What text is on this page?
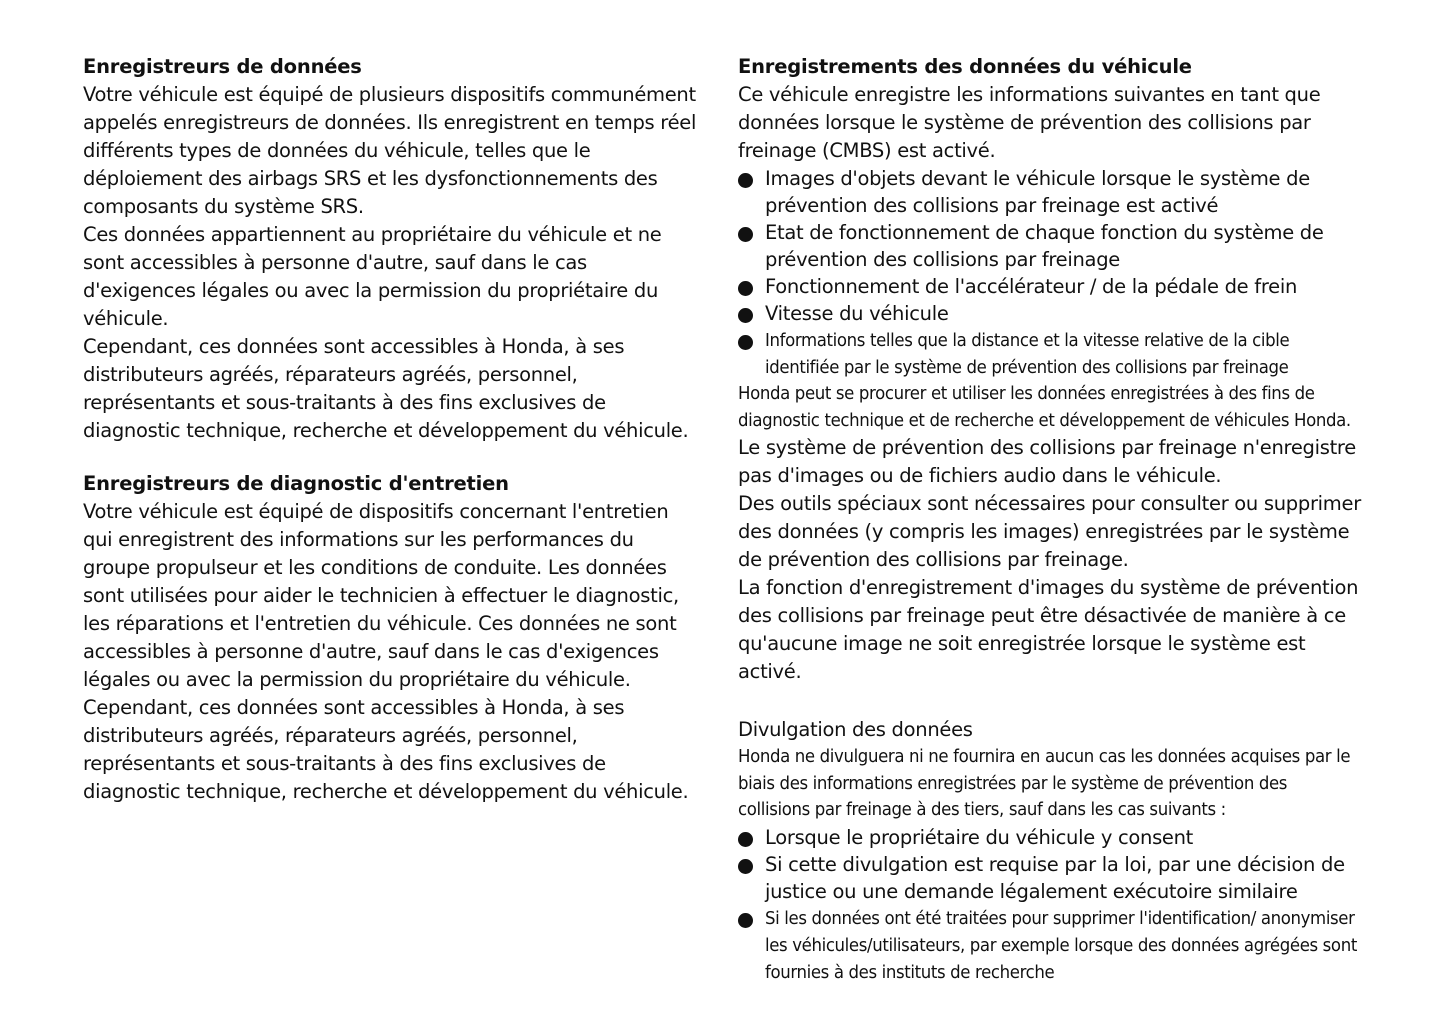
Enregistreurs de données

Votre véhicule est équipé de plusieurs dispositifs communément appelés enregistreurs de données. Ils enregistrent en temps réel différents types de données du véhicule, telles que le déploiement des airbags SRS et les dysfonctionnements des composants du système SRS.

Ces données appartiennent au propriétaire du véhicule et ne sont accessibles à personne d'autre, sauf dans le cas d'exigences légales ou avec la permission du propriétaire du véhicule.

Cependant, ces données sont accessibles à Honda, à ses distributeurs agréés, réparateurs agréés, personnel, représentants et sous-traitants à des fins exclusives de diagnostic technique, recherche et développement du véhicule.

Enregistreurs de diagnostic d'entretien

Votre véhicule est équipé de dispositifs concernant l'entretien qui enregistrent des informations sur les performances du groupe propulseur et les conditions de conduite. Les données sont utilisées pour aider le technicien à effectuer le diagnostic, les réparations et l'entretien du véhicule. Ces données ne sont accessibles à personne d'autre, sauf dans le cas d'exigences légales ou avec la permission du propriétaire du véhicule.

Cependant, ces données sont accessibles à Honda, à ses distributeurs agréés, réparateurs agréés, personnel, représentants et sous-traitants à des fins exclusives de diagnostic technique, recherche et développement du véhicule.

Enregistrements des données du véhicule

Ce véhicule enregistre les informations suivantes en tant que données lorsque le système de prévention des collisions par freinage (CMBS) est activé.

Images d'objets devant le véhicule lorsque le système de prévention des collisions par freinage est activé
Etat de fonctionnement de chaque fonction du système de prévention des collisions par freinage
Fonctionnement de l'accélérateur / de la pédale de frein
Vitesse du véhicule
Informations telles que la distance et la vitesse relative de la cible identifiée par le système de prévention des collisions par freinage

Honda peut se procurer et utiliser les données enregistrées à des fins de diagnostic technique et de recherche et développement de véhicules Honda.

Le système de prévention des collisions par freinage n'enregistre pas d'images ou de fichiers audio dans le véhicule.

Des outils spéciaux sont nécessaires pour consulter ou supprimer des données (y compris les images) enregistrées par le système de prévention des collisions par freinage.

La fonction d'enregistrement d'images du système de prévention des collisions par freinage peut être désactivée de manière à ce qu'aucune image ne soit enregistrée lorsque le système est activé.

Divulgation des données

Honda ne divulguera ni ne fournira en aucun cas les données acquises par le biais des informations enregistrées par le système de prévention des collisions par freinage à des tiers, sauf dans les cas suivants :

Lorsque le propriétaire du véhicule y consent
Si cette divulgation est requise par la loi, par une décision de justice ou une demande légalement exécutoire similaire
Si les données ont été traitées pour supprimer l'identification/ anonymiser les véhicules/utilisateurs, par exemple lorsque des données agrégées sont fournies à des instituts de recherche
